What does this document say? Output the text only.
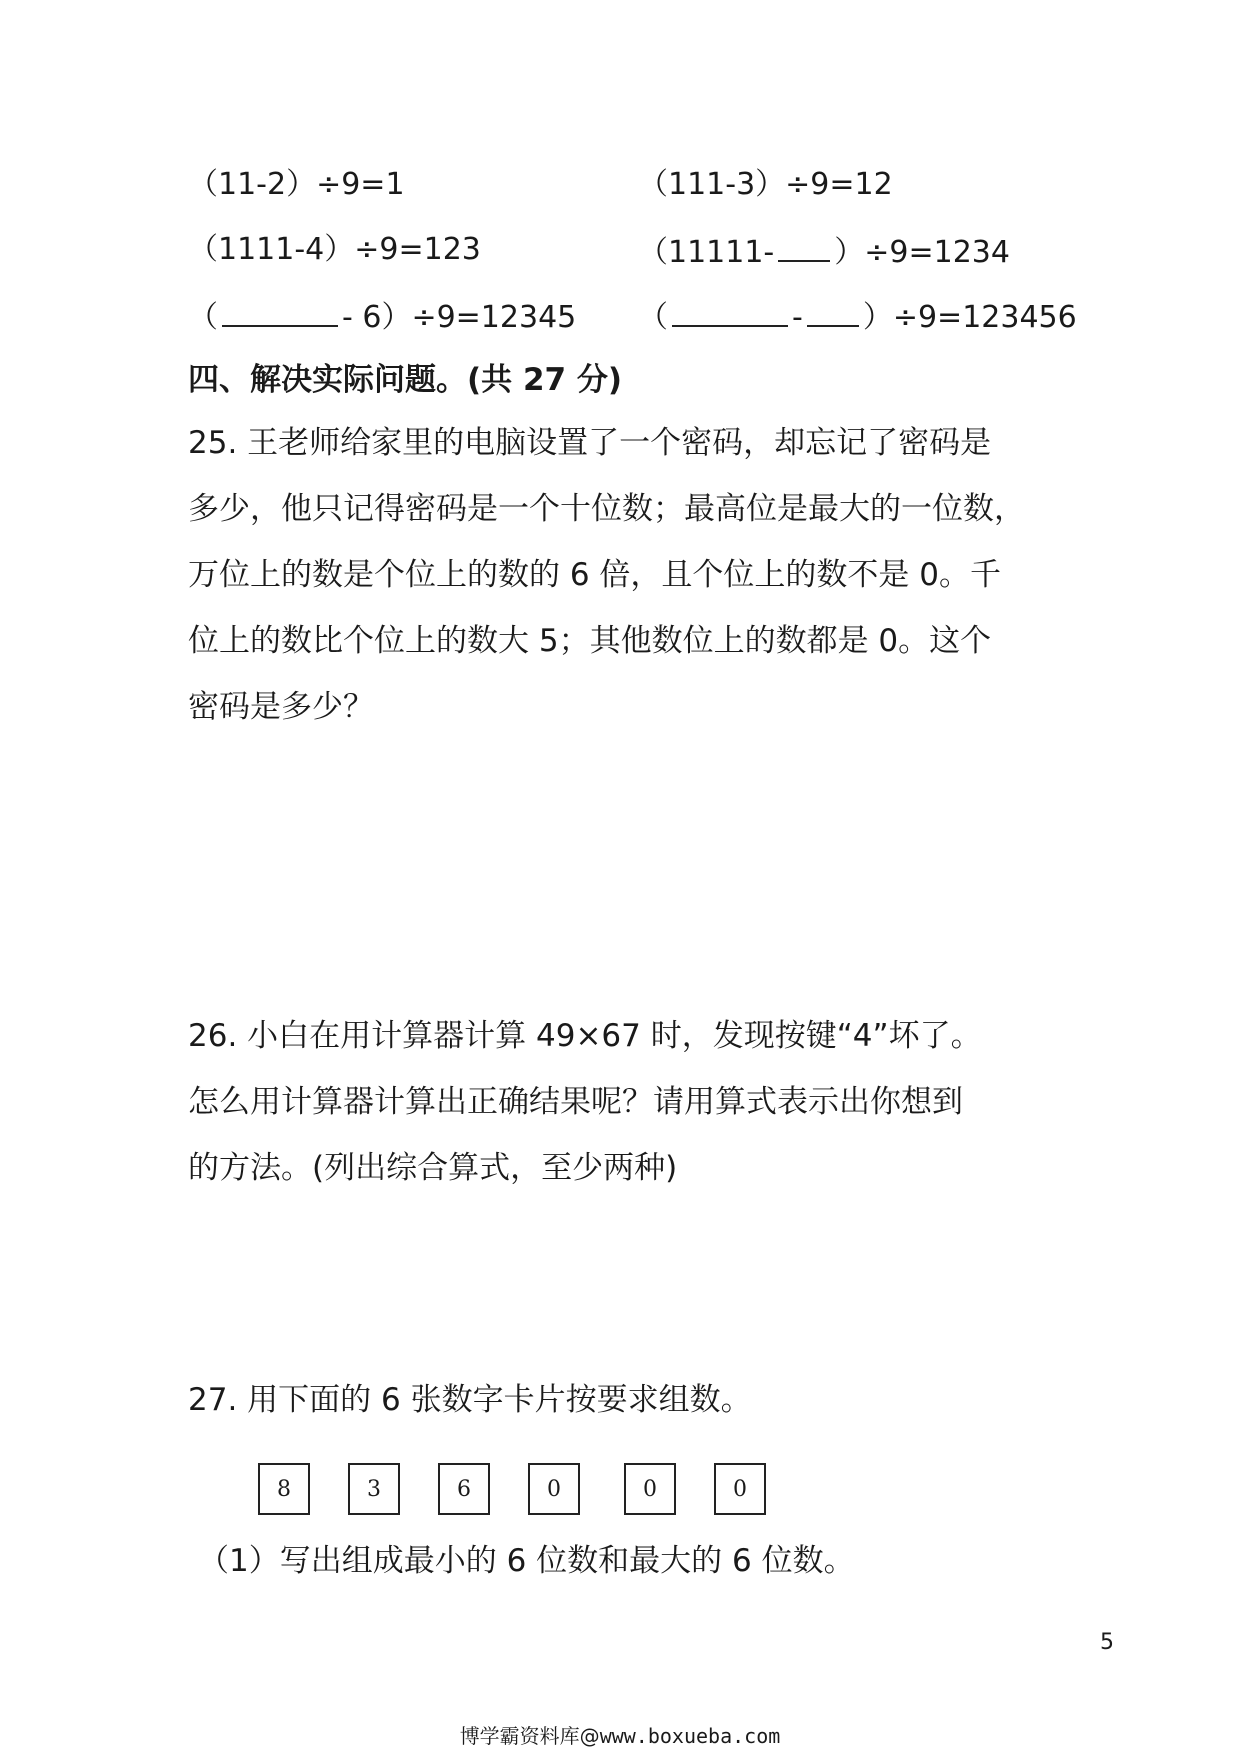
（11-2）÷9=1	（111-3）÷9=12
（1111-4）÷9=123	（11111- ）÷9=1234
（	- 6）÷9=12345 （	- ）÷9=123456
四、解决实际问题。(共 27 分)
25. 王老师给家里的电脑设置了一个密码，却忘记了密码是
多少，他只记得密码是一个十位数；最高位是最大的一位数，
万位上的数是个位上的数的 6 倍，且个位上的数不是 0。千
位上的数比个位上的数大 5；其他数位上的数都是 0。这个
密码是多少？
26. 小白在用计算器计算 49×67 时，发现按键“4”坏了。
怎么用计算器计算出正确结果呢？请用算式表示出你想到
的方法。(列出综合算式，至少两种)
27. 用下面的 6 张数字卡片按要求组数。
8	3	6	0	0	0
（1）写出组成最小的 6 位数和最大的 6 位数。
5
博学霸资料库@www.boxueba.com
